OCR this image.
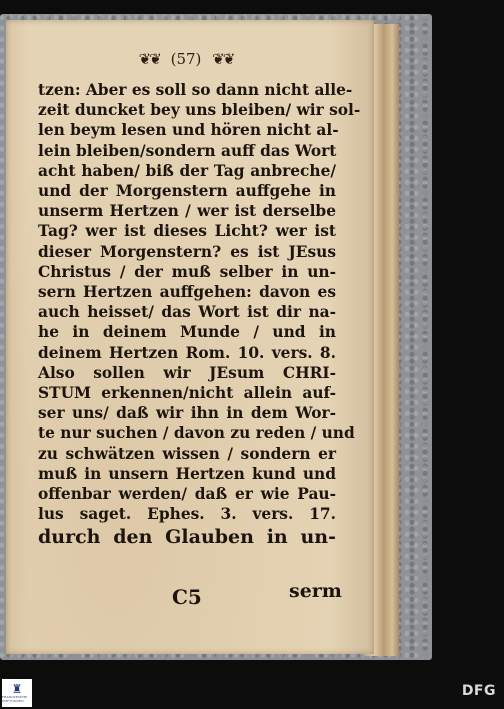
❦❦ (57) ❦❦
tzen: Aber es soll so dann nicht alle-
zeit duncket bey uns bleiben/ wir sol-
len beym lesen und hören nicht al-
lein bleiben/sondern auff das Wort
acht haben/ biß der Tag anbreche/
und der Morgenstern auffgehe in
unserm Hertzen / wer ist derselbe
Tag? wer ist dieses Licht? wer ist
dieser Morgenstern? es ist JEsus
Christus / der muß selber in un-
sern Hertzen auffgehen: davon es
auch heisset/ das Wort ist dir na-
he in deinem Munde / und in
deinem Hertzen Rom. 10. vers. 8.
Also sollen wir JEsum CHRI-
STUM erkennen/nicht allein auf-
ser uns/ daß wir ihn in dem Wor-
te nur suchen / davon zu reden / und
zu schwätzen wissen / sondern er
muß in unsern Hertzen kund und
offenbar werden/ daß er wie Pau-
lus saget. Ephes. 3. vers. 17.
durch den Glauben in un-
C5	serm
♜
FRANCKESCHE STIFTUNGEN
DFG
